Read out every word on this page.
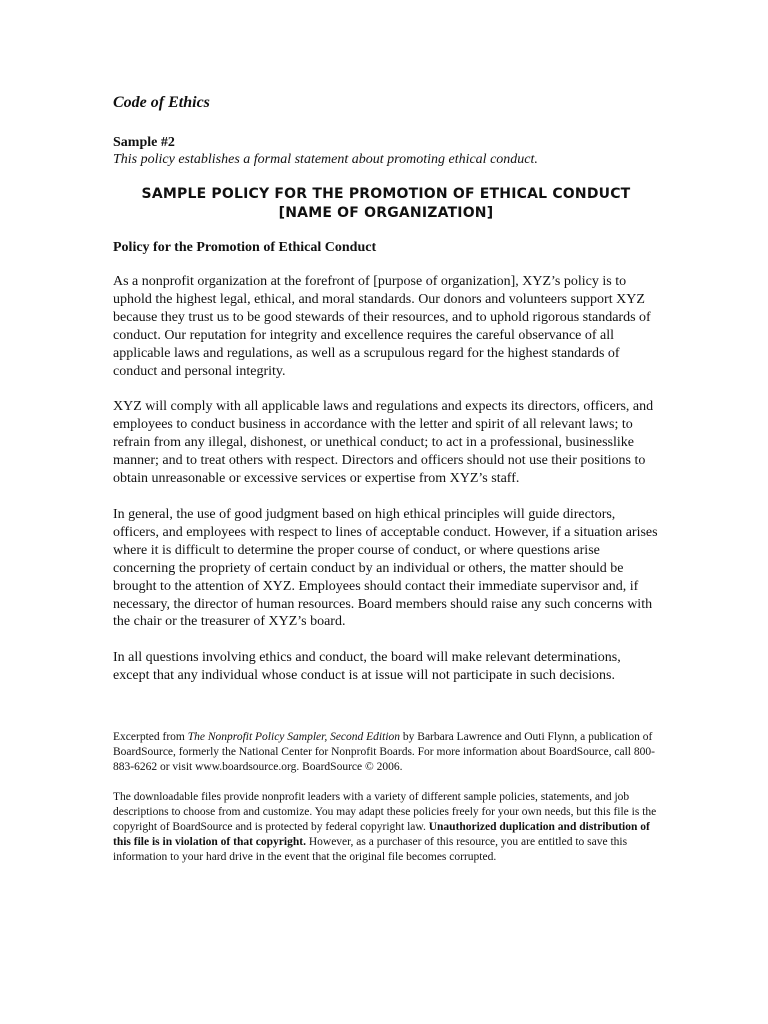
Code of Ethics

Sample #2

This policy establishes a formal statement about promoting ethical conduct.

SAMPLE POLICY FOR THE PROMOTION OF ETHICAL CONDUCT
[NAME OF ORGANIZATION]

Policy for the Promotion of Ethical Conduct

As a nonprofit organization at the forefront of [purpose of organization], XYZ’s policy is to uphold the highest legal, ethical, and moral standards. Our donors and volunteers support XYZ because they trust us to be good stewards of their resources, and to uphold rigorous standards of conduct. Our reputation for integrity and excellence requires the careful observance of all applicable laws and regulations, as well as a scrupulous regard for the highest standards of conduct and personal integrity.

XYZ will comply with all applicable laws and regulations and expects its directors, officers, and employees to conduct business in accordance with the letter and spirit of all relevant laws; to refrain from any illegal, dishonest, or unethical conduct; to act in a professional, businesslike manner; and to treat others with respect. Directors and officers should not use their positions to obtain unreasonable or excessive services or expertise from XYZ’s staff.

In general, the use of good judgment based on high ethical principles will guide directors, officers, and employees with respect to lines of acceptable conduct. However, if a situation arises where it is difficult to determine the proper course of conduct, or where questions arise concerning the propriety of certain conduct by an individual or others, the matter should be brought to the attention of XYZ. Employees should contact their immediate supervisor and, if necessary, the director of human resources. Board members should raise any such concerns with the chair or the treasurer of XYZ’s board.

In all questions involving ethics and conduct, the board will make relevant determinations, except that any individual whose conduct is at issue will not participate in such decisions.

Excerpted from The Nonprofit Policy Sampler, Second Edition by Barbara Lawrence and Outi Flynn, a publication of BoardSource, formerly the National Center for Nonprofit Boards. For more information about BoardSource, call 800-883-6262 or visit www.boardsource.org. BoardSource © 2006.

The downloadable files provide nonprofit leaders with a variety of different sample policies, statements, and job descriptions to choose from and customize. You may adapt these policies freely for your own needs, but this file is the copyright of BoardSource and is protected by federal copyright law. Unauthorized duplication and distribution of this file is in violation of that copyright. However, as a purchaser of this resource, you are entitled to save this information to your hard drive in the event that the original file becomes corrupted.
